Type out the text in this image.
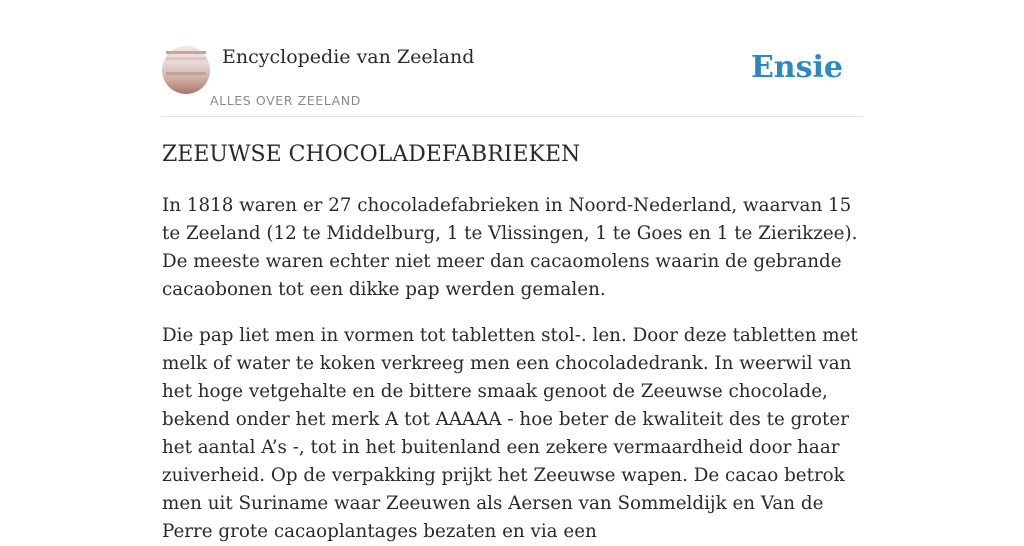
Encyclopedie van Zeeland
ALLES OVER ZEELAND
Ensie
ZEEUWSE CHOCOLADEFABRIEKEN

In 1818 waren er 27 chocoladefabrieken in Noord-Nederland, waarvan 15 te Zeeland (12 te Middelburg, 1 te Vlissingen, 1 te Goes en 1 te Zierikzee). De meeste waren echter niet meer dan cacaomolens waarin de gebrande cacaobonen tot een dikke pap werden gemalen.

Die pap liet men in vormen tot tabletten stol-. len. Door deze tabletten met melk of water te koken verkreeg men een chocoladedrank. In weerwil van het hoge vetgehalte en de bittere smaak genoot de Zeeuwse chocolade, bekend onder het merk A tot AAAAA - hoe beter de kwaliteit des te groter het aantal A’s -, tot in het buitenland een zekere vermaardheid door haar zuiverheid. Op de verpakking prijkt het Zeeuwse wapen. De cacao betrok men uit Suriname waar Zeeuwen als Aersen van Sommeldijk en Van de Perre grote cacaoplantages bezaten en via een
